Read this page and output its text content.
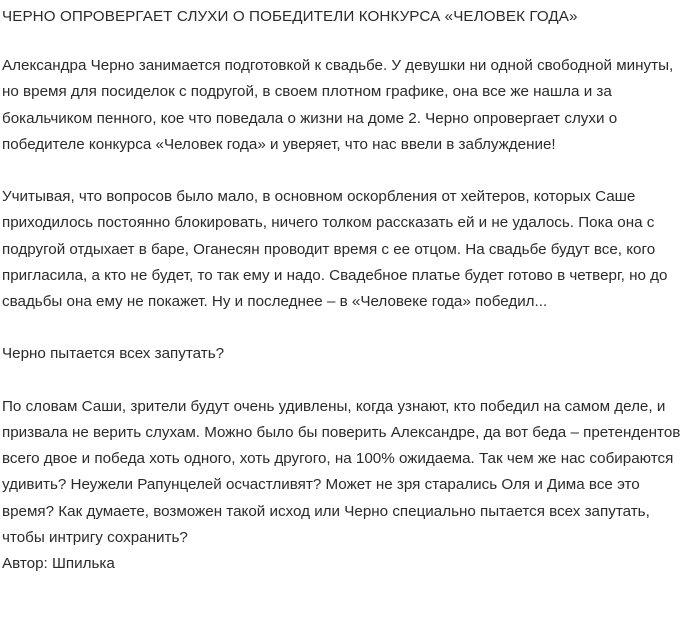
ЧЕРНО ОПРОВЕРГАЕТ СЛУХИ О ПОБЕДИТЕЛИ КОНКУРСА «ЧЕЛОВЕК ГОДА»

Александра Черно занимается подготовкой к свадьбе. У девушки ни одной свободной минуты, но время для посиделок с подругой, в своем плотном графике, она все же нашла и за бокальчиком пенного, кое что поведала о жизни на доме 2. Черно опровергает слухи о победителе конкурса «Человек года» и уверяет, что нас ввели в заблуждение!

Учитывая, что вопросов было мало, в основном оскорбления от хейтеров, которых Саше приходилось постоянно блокировать, ничего толком рассказать ей и не удалось. Пока она с подругой отдыхает в баре, Оганесян проводит время с ее отцом. На свадьбе будут все, кого пригласила, а кто не будет, то так ему и надо. Свадебное платье будет готово в четверг, но до свадьбы она ему не покажет. Ну и последнее – в «Человеке года» победил...

Черно пытается всех запутать?

По словам Саши, зрители будут очень удивлены, когда узнают, кто победил на самом деле, и призвала не верить слухам. Можно было бы поверить Александре, да вот беда – претендентов всего двое и победа хоть одного, хоть другого, на 100% ожидаема. Так чем же нас собираются удивить? Неужели Рапунцелей осчастливят? Может не зря старались Оля и Дима все это время? Как думаете, возможен такой исход или Черно специально пытается всех запутать, чтобы интригу сохранить?

Автор: Шпилька
